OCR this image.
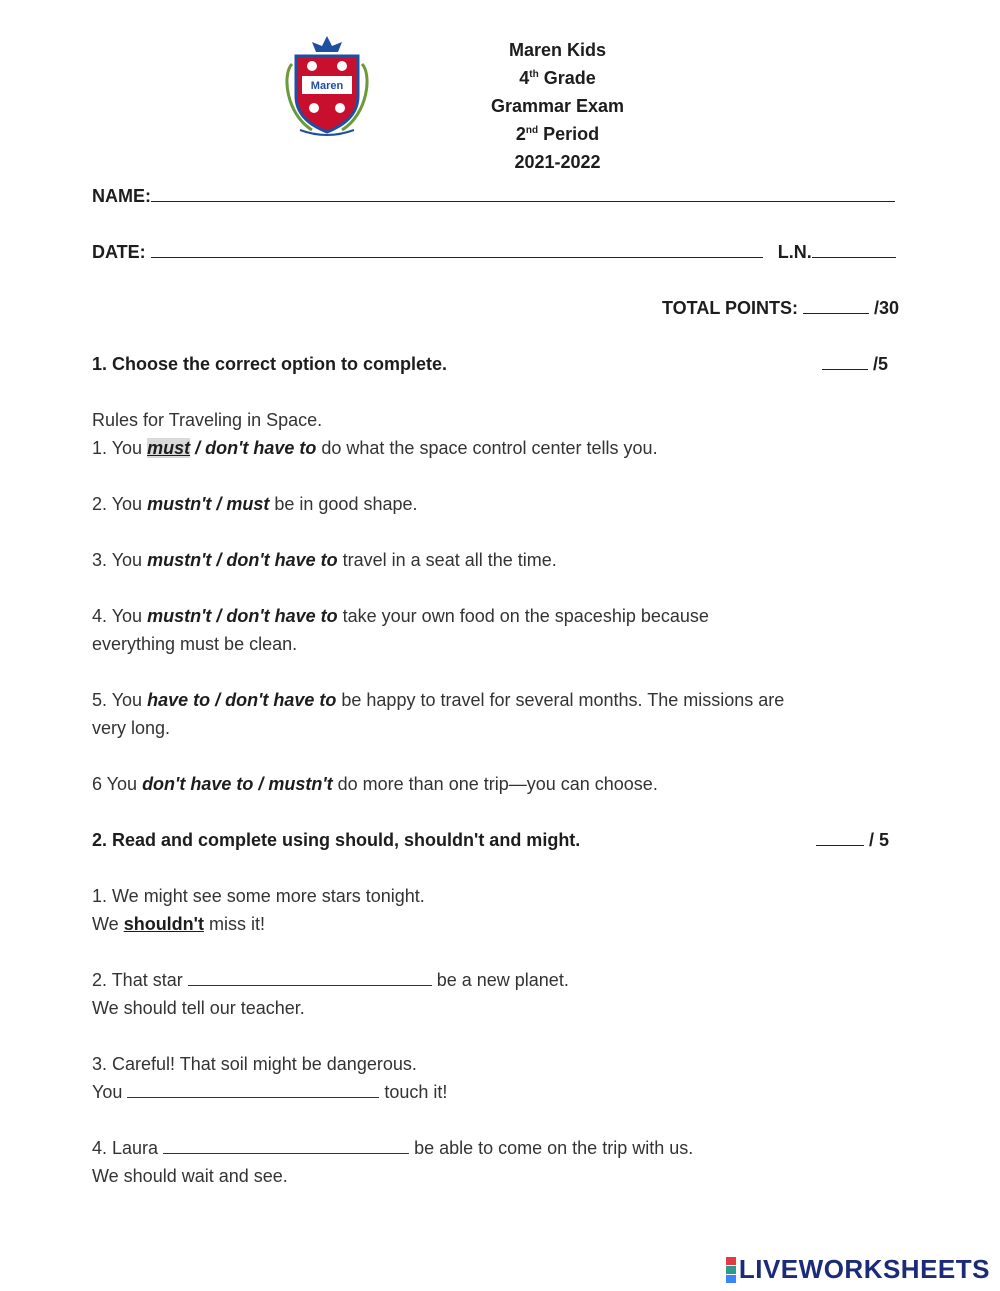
Maren
Maren Kids
4th Grade
Grammar Exam
2nd Period
2021-2022
NAME:
DATE:	L.N.
TOTAL POINTS:	/30
1. Choose the correct option to complete.	/5
Rules for Traveling in Space.
1. You must / don't have to do what the space control center tells you.
2. You mustn't / must be in good shape.
3. You mustn't / don't have to travel in a seat all the time.
4. You mustn't / don't have to take your own food on the spaceship because
everything must be clean.
5. You have to / don't have to be happy to travel for several months. The missions are
very long.
6 You don't have to / mustn't do more than one trip—you can choose.
2. Read and complete using should, shouldn't and might.	/ 5
1. We might see some more stars tonight.
We shouldn't miss it!
2. That star	be a new planet.
We should tell our teacher.
3. Careful! That soil might be dangerous.
You	touch it!
4. Laura	be able to come on the trip with us.
We should wait and see.
LIVEWORKSHEETS
